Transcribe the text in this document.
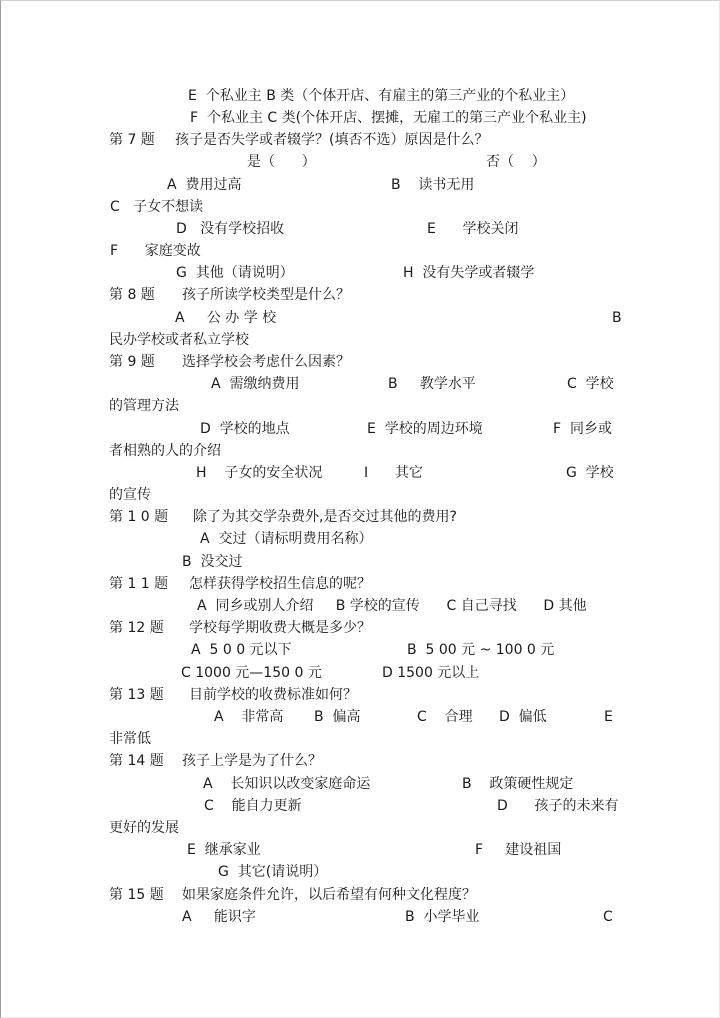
E  个私业主 B 类（个体开店、有雇主的第三产业的个私业主）
F  个私业主 C 类(个体开店、摆摊，无雇工的第三产业个私业主)
第 7 题 孩子是否失学或者辍学？(填否不选）原因是什么？
是（      ）	否（    ）
A  费用过高	B    读书无用
C   子女不想读
D   没有学校招收	E      学校关闭
F      家庭变故
G  其他（请说明）	H  没有失学或者辍学
第 8 题 孩子所读学校类型是什么？
A     公 办 学 校	B
民办学校或者私立学校
第 9 题 选择学校会考虑什么因素？
A  需缴纳费用	B     教学水平	C  学校
的管理方法
D  学校的地点	E  学校的周边环境	F  同乡或
者相熟的人的介绍
H    子女的安全状况	I      其它	G  学校
的宣传
第 1 0 题 除了为其交学杂费外,是否交过其他的费用?
A  交过（请标明费用名称）
B  没交过
第 1 1 题 怎样获得学校招生信息的呢？
A  同乡或别人介绍     B 学校的宣传      C 自己寻找      D 其他
第 12 题 学校每学期收费大概是多少？
A  5 0 0 元以下	B  5 00 元 ~ 100 0 元
C 1000 元—150 0 元	D 1500 元以上
第 13 题 目前学校的收费标准如何？
A    非常高 B  偏高	C    合理 D  偏低	E
非常低
第 14 题 孩子上学是为了什么？
A    长知识以改变家庭命运	B    政策硬性规定
C    能自力更新	D      孩子的未来有
更好的发展
E  继承家业	F     建设祖国
G  其它(请说明）
第 15 题 如果家庭条件允许，以后希望有何种文化程度？
A     能识字	B  小学毕业	C
